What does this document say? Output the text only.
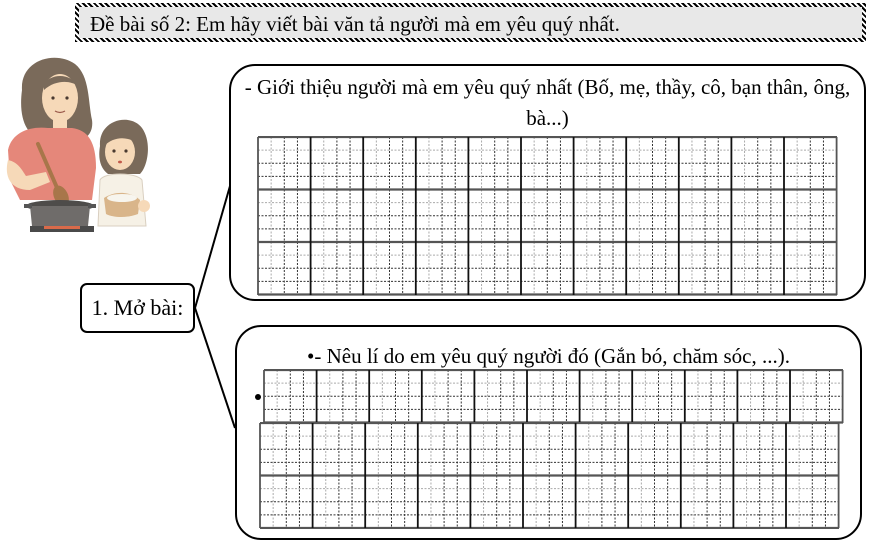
Đề bài số 2: Em hãy viết bài văn tả người mà em yêu quý nhất.
1. Mở bài:
- Giới thiệu người mà em yêu quý nhất (Bố, mẹ, thầy, cô, bạn thân, ông, bà...)
•- Nêu lí do em yêu quý người đó (Gắn bó, chăm sóc, ...).
